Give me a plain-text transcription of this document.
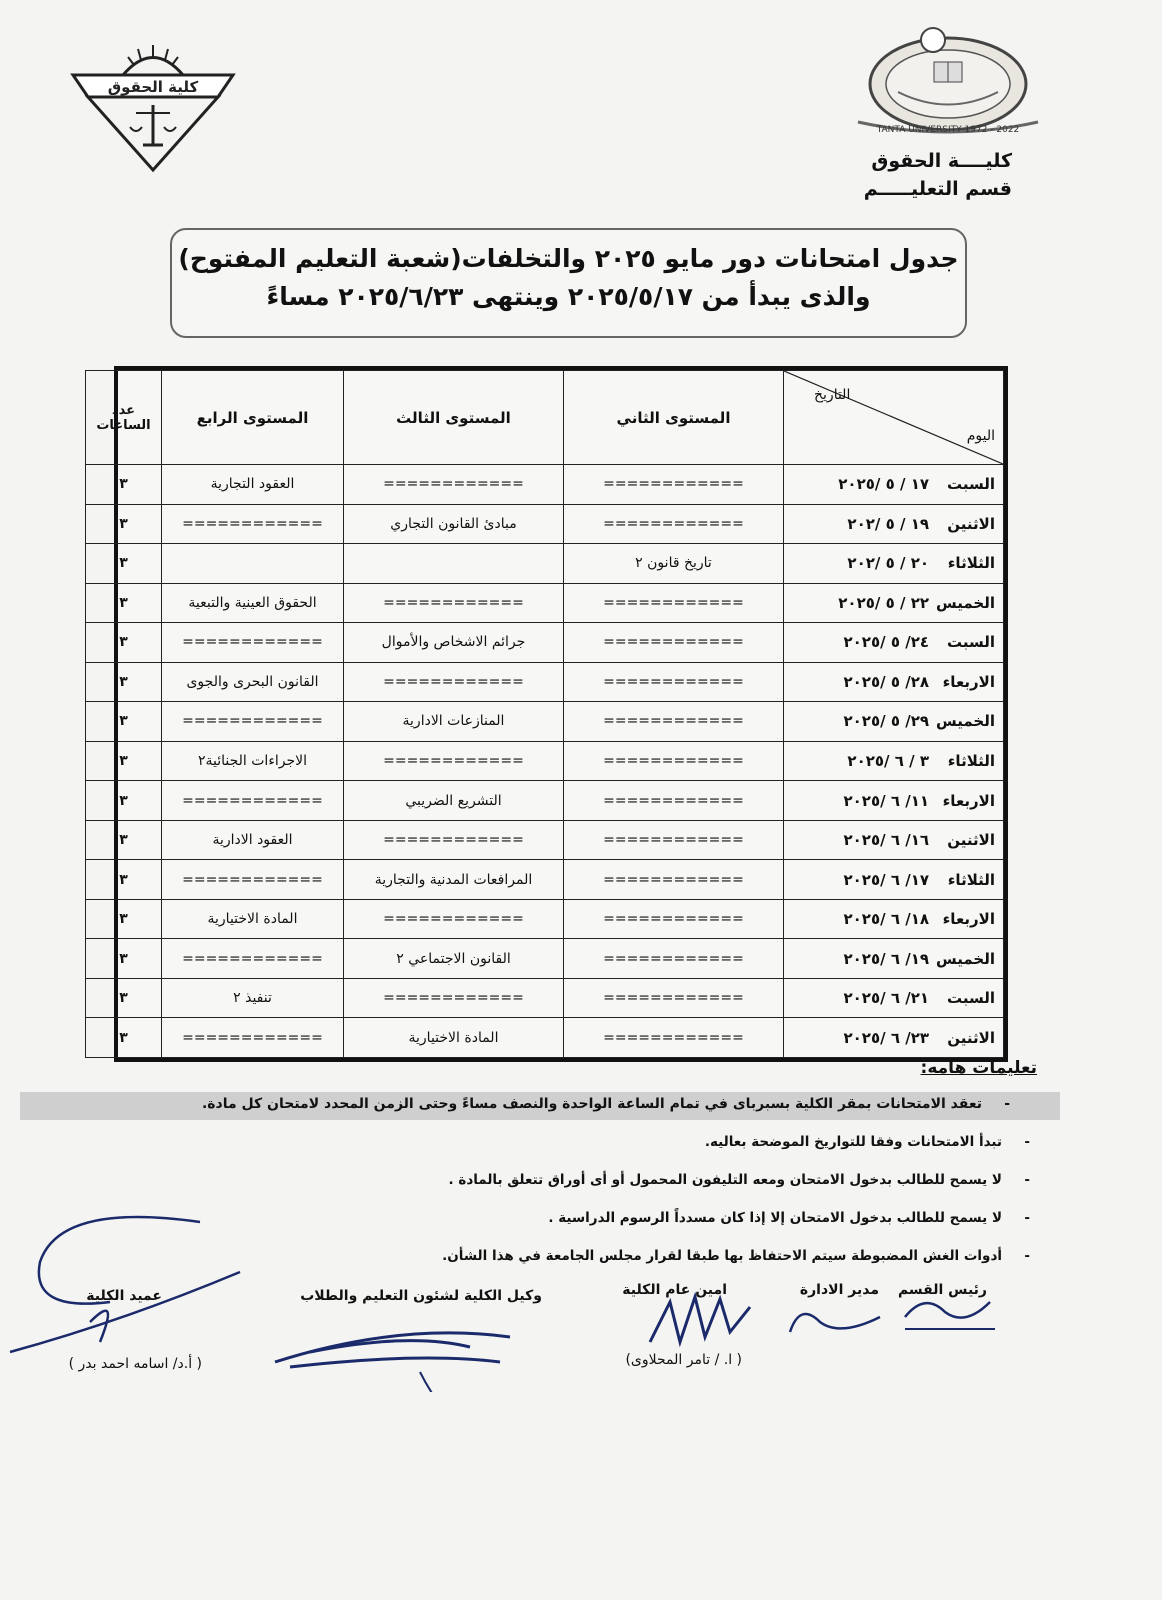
كلية الحقوق
TANTA UNIVERSITY 1972 - 2022
كليــــة الحقوق
قسم التعليـــــم
جدول امتحانات دور مايو ٢٠٢٥ والتخلفات(شعبة التعليم المفتوح)
والذى يبدأ من ٢٠٢٥/٥/١٧ وينتهى ٢٠٢٥/٦/٢٣ مساءً
التاريخ
اليوم	المستوى الثاني	المستوى الثالث	المستوى الرابع	عدد الساعات
السبت١٧ / ٥ /٢٠٢٥	============	============	العقود التجارية	٣
الاثنين١٩ / ٥ /٢٠٢	============	مبادئ القانون التجاري	============	٣
الثلاثاء٢٠ / ٥ /٢٠٢	تاريخ قانون ٢			٣
الخميس٢٢ / ٥ /٢٠٢٥	============	============	الحقوق العينية والتبعية	٣
السبت٢٤/ ٥ /٢٠٢٥	============	جرائم الاشخاص والأموال	============	٣
الاربعاء٢٨/ ٥ /٢٠٢٥	============	============	القانون البحرى والجوى	٣
الخميس٢٩/ ٥ /٢٠٢٥	============	المنازعات الادارية	============	٣
الثلاثاء٣ / ٦ /٢٠٢٥	============	============	الاجراءات الجنائية٢	٣
الاربعاء١١/ ٦ /٢٠٢٥	============	التشريع الضريبي	============	٣
الاثنين١٦/ ٦ /٢٠٢٥	============	============	العقود الادارية	٣
الثلاثاء١٧/ ٦ /٢٠٢٥	============	المرافعات المدنية والتجارية	============	٣
الاربعاء١٨/ ٦ /٢٠٢٥	============	============	المادة الاختيارية	٣
الخميس١٩/ ٦ /٢٠٢٥	============	القانون الاجتماعي ٢	============	٣
السبت٢١/ ٦ /٢٠٢٥	============	============	تنفيذ ٢	٣
الاثنين٢٣/ ٦ /٢٠٢٥	============	المادة الاختيارية	============	٣
تعليمات هامه:
-
تعقد الامتحانات بمقر الكلية بسبرباى في تمام الساعة الواحدة والنصف مساءً وحتى الزمن المحدد لامتحان كل مادة.
-
تبدأ الامتحانات وفقا للتواريخ الموضحة بعاليه.
-
لا يسمح للطالب بدخول الامتحان ومعه التليفون المحمول أو أى أوراق تتعلق بالمادة .
-
لا يسمح للطالب بدخول الامتحان إلا إذا كان مسدداً الرسوم الدراسية .
-
أدوات الغش المضبوطة سيتم الاحتفاظ بها طبقا لقرار مجلس الجامعة في هذا الشأن.
عميد الكلية
( أ.د/ اسامه احمد بدر )
وكيل الكلية لشئون التعليم والطلاب	امين عام الكلية
( ا. / تامر المحلاوى)
مدير الادارة رئيس القسم
